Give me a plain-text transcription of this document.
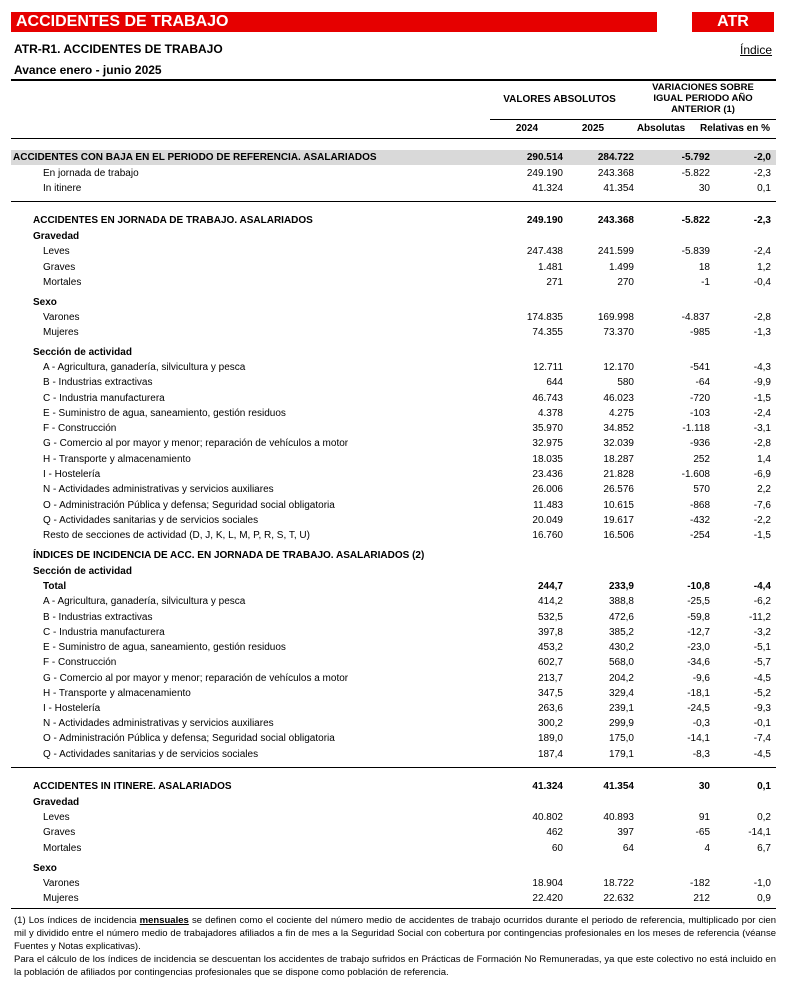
ACCIDENTES DE TRABAJO	ATR
ATR-R1. ACCIDENTES DE TRABAJO	Índice
Avance enero - junio 2025
VALORES ABSOLUTOS
VARIACIONES SOBRE
IGUAL PERIODO AÑO
ANTERIOR (1)
2024	2025	Absolutas	Relativas en %
ACCIDENTES CON BAJA EN EL PERIODO DE REFERENCIA. ASALARIADOS	290.514	284.722	-5.792	-2,0
En jornada de trabajo	249.190	243.368	-5.822	-2,3
In itinere	41.324	41.354	30	0,1
ACCIDENTES EN JORNADA DE TRABAJO. ASALARIADOS	249.190	243.368	-5.822	-2,3
Gravedad
Leves	247.438	241.599	-5.839	-2,4
Graves	1.481	1.499	18	1,2
Mortales	271	270	-1	-0,4
Sexo
Varones	174.835	169.998	-4.837	-2,8
Mujeres	74.355	73.370	-985	-1,3
Sección de actividad
A - Agricultura, ganadería, silvicultura y pesca	12.711	12.170	-541	-4,3
B - Industrias extractivas	644	580	-64	-9,9
C - Industria manufacturera	46.743	46.023	-720	-1,5
E - Suministro de agua, saneamiento, gestión residuos	4.378	4.275	-103	-2,4
F - Construcción	35.970	34.852	-1.118	-3,1
G - Comercio al por mayor y menor; reparación de vehículos a motor	32.975	32.039	-936	-2,8
H - Transporte y almacenamiento	18.035	18.287	252	1,4
I - Hostelería	23.436	21.828	-1.608	-6,9
N - Actividades administrativas y servicios auxiliares	26.006	26.576	570	2,2
O - Administración Pública y defensa; Seguridad social obligatoria	11.483	10.615	-868	-7,6
Q - Actividades sanitarias y de servicios sociales	20.049	19.617	-432	-2,2
Resto de secciones de actividad (D, J, K, L, M, P, R, S, T, U)	16.760	16.506	-254	-1,5
ÍNDICES DE INCIDENCIA DE ACC. EN JORNADA DE TRABAJO. ASALARIADOS (2)
Sección de actividad
Total	244,7	233,9	-10,8	-4,4
A - Agricultura, ganadería, silvicultura y pesca	414,2	388,8	-25,5	-6,2
B - Industrias extractivas	532,5	472,6	-59,8	-11,2
C - Industria manufacturera	397,8	385,2	-12,7	-3,2
E - Suministro de agua, saneamiento, gestión residuos	453,2	430,2	-23,0	-5,1
F - Construcción	602,7	568,0	-34,6	-5,7
G - Comercio al por mayor y menor; reparación de vehículos a motor	213,7	204,2	-9,6	-4,5
H - Transporte y almacenamiento	347,5	329,4	-18,1	-5,2
I - Hostelería	263,6	239,1	-24,5	-9,3
N - Actividades administrativas y servicios auxiliares	300,2	299,9	-0,3	-0,1
O - Administración Pública y defensa; Seguridad social obligatoria	189,0	175,0	-14,1	-7,4
Q - Actividades sanitarias y de servicios sociales	187,4	179,1	-8,3	-4,5
ACCIDENTES IN ITINERE. ASALARIADOS	41.324	41.354	30	0,1
Gravedad
Leves	40.802	40.893	91	0,2
Graves	462	397	-65	-14,1
Mortales	60	64	4	6,7
Sexo
Varones	18.904	18.722	-182	-1,0
Mujeres	22.420	22.632	212	0,9

(1) Los índices de incidencia mensuales se definen como el cociente del número medio de accidentes de trabajo ocurridos durante el periodo de referencia, multiplicado por cien mil y dividido entre el número medio de trabajadores afiliados a fin de mes a la Seguridad Social con cobertura por contingencias profesionales en los meses de referencia (véanse Fuentes y Notas explicativas).

Para el cálculo de los índices de incidencia se descuentan los accidentes de trabajo sufridos en Prácticas de Formación No Remuneradas, ya que este colectivo no está incluido en la población de afiliados por contingencias profesionales que se dispone como población de referencia.
